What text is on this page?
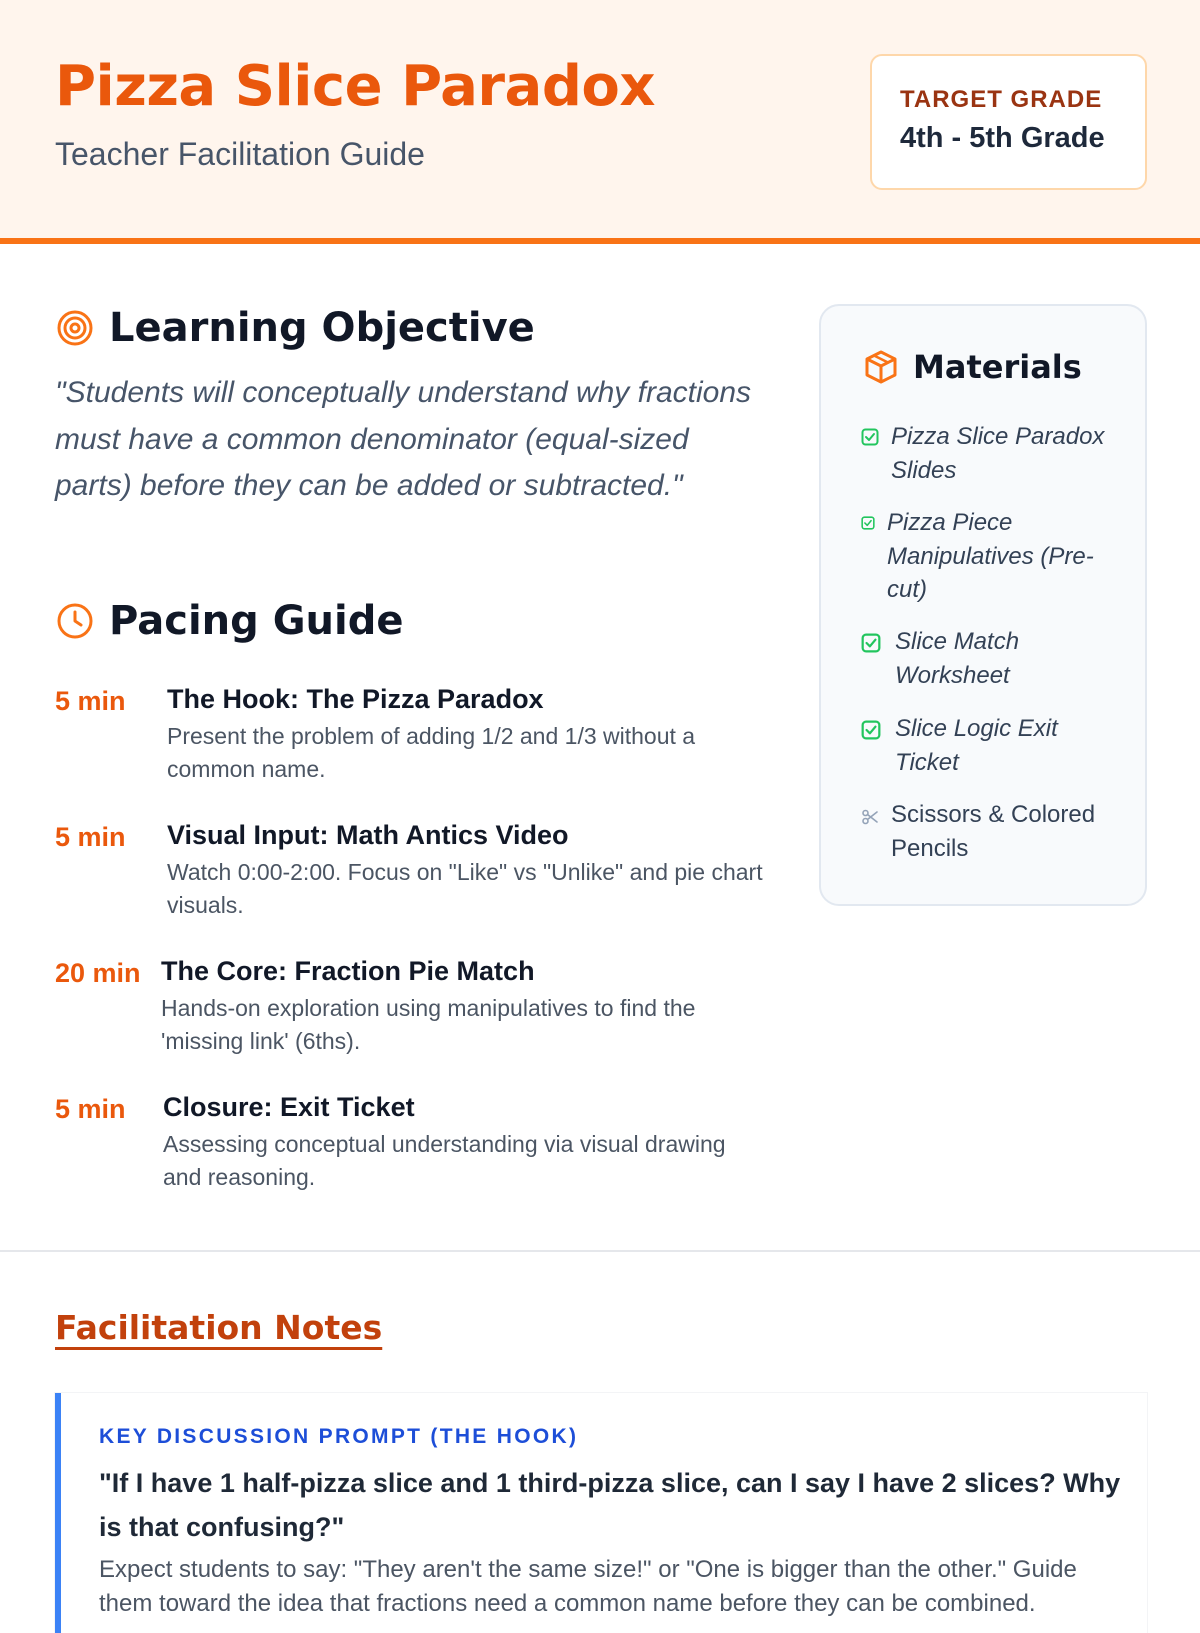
Pizza Slice Paradox
Teacher Facilitation Guide
TARGET GRADE
4th - 5th Grade
Learning Objective
"Students will conceptually understand why fractions must have a common denominator (equal-sized parts) before they can be added or subtracted."
Pacing Guide
5 min	The Hook: The Pizza Paradox
Present the problem of adding 1/2 and 1/3 without a common name.
5 min	Visual Input: Math Antics Video
Watch 0:00-2:00. Focus on "Like" vs "Unlike" and pie chart visuals.
20 min The Core: Fraction Pie Match
Hands-on exploration using manipulatives to find the 'missing link' (6ths).
5 min	Closure: Exit Ticket
Assessing conceptual understanding via visual drawing and reasoning.
Materials
Pizza Slice Paradox Slides
Pizza Piece Manipulatives (Pre-cut)
Slice Match Worksheet
Slice Logic Exit Ticket
Scissors & Colored Pencils
Facilitation Notes
KEY DISCUSSION PROMPT (THE HOOK)
"If I have 1 half-pizza slice and 1 third-pizza slice, can I say I have 2 slices? Why is that confusing?"
Expect students to say: "They aren't the same size!" or "One is bigger than the other." Guide them toward the idea that fractions need a common name before they can be combined.
